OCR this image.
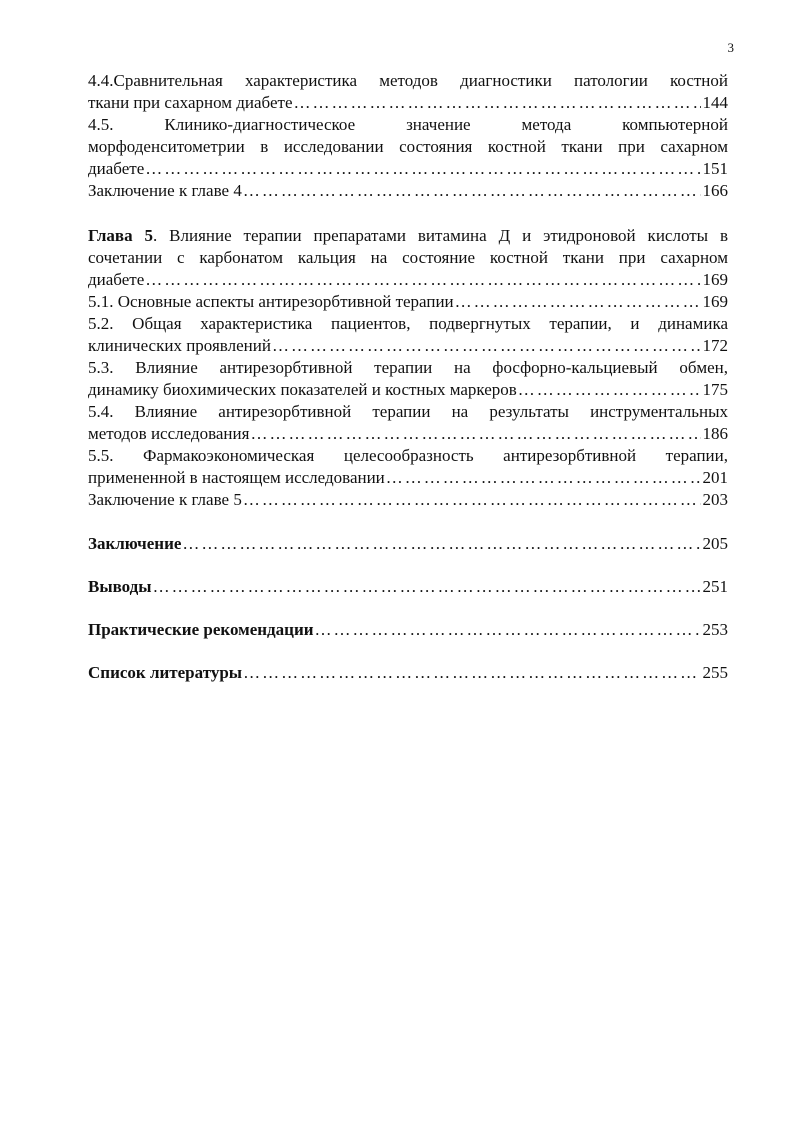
3
4.4.Сравнительная характеристика методов диагностики патологии костной
ткани при сахарном диабете ……………………………………………………………………………………………………………………………………………………………………………………	144
4.5. Клинико-диагностическое значение метода компьютерной
морфоденситометрии в исследовании состояния костной ткани при сахарном
диабете ……………………………………………………………………………………………………………………………………………………………………………………	151
Заключение к главе 4 ……………………………………………………………………………………………………………………………………………………………………………………	166
Глава 5. Влияние терапии препаратами витамина Д и этидроновой кислоты в
сочетании с карбонатом кальция на состояние костной ткани при сахарном
диабете ……………………………………………………………………………………………………………………………………………………………………………………	169
5.1. Основные аспекты антирезорбтивной терапии ……………………………………………………………………………………………………………………………………………………………………………………	169
5.2. Общая характеристика пациентов, подвергнутых терапии, и динамика
клинических проявлений ……………………………………………………………………………………………………………………………………………………………………………………	172
5.3. Влияние антирезорбтивной терапии на фосфорно-кальциевый обмен,
динамику биохимических показателей и костных маркеров ……………………………………………………………………………………………………………………………………………………………………………………	175
5.4. Влияние антирезорбтивной терапии на результаты инструментальных
методов исследования ……………………………………………………………………………………………………………………………………………………………………………………	186
5.5. Фармакоэкономическая целесообразность антирезорбтивной терапии,
примененной в настоящем исследовании ……………………………………………………………………………………………………………………………………………………………………………………	201
Заключение к главе 5 ……………………………………………………………………………………………………………………………………………………………………………………	203
Заключение ……………………………………………………………………………………………………………………………………………………………………………………	205
Выводы ……………………………………………………………………………………………………………………………………………………………………………………	251
Практические рекомендации ……………………………………………………………………………………………………………………………………………………………………………………	253
Список литературы ……………………………………………………………………………………………………………………………………………………………………………………	255
